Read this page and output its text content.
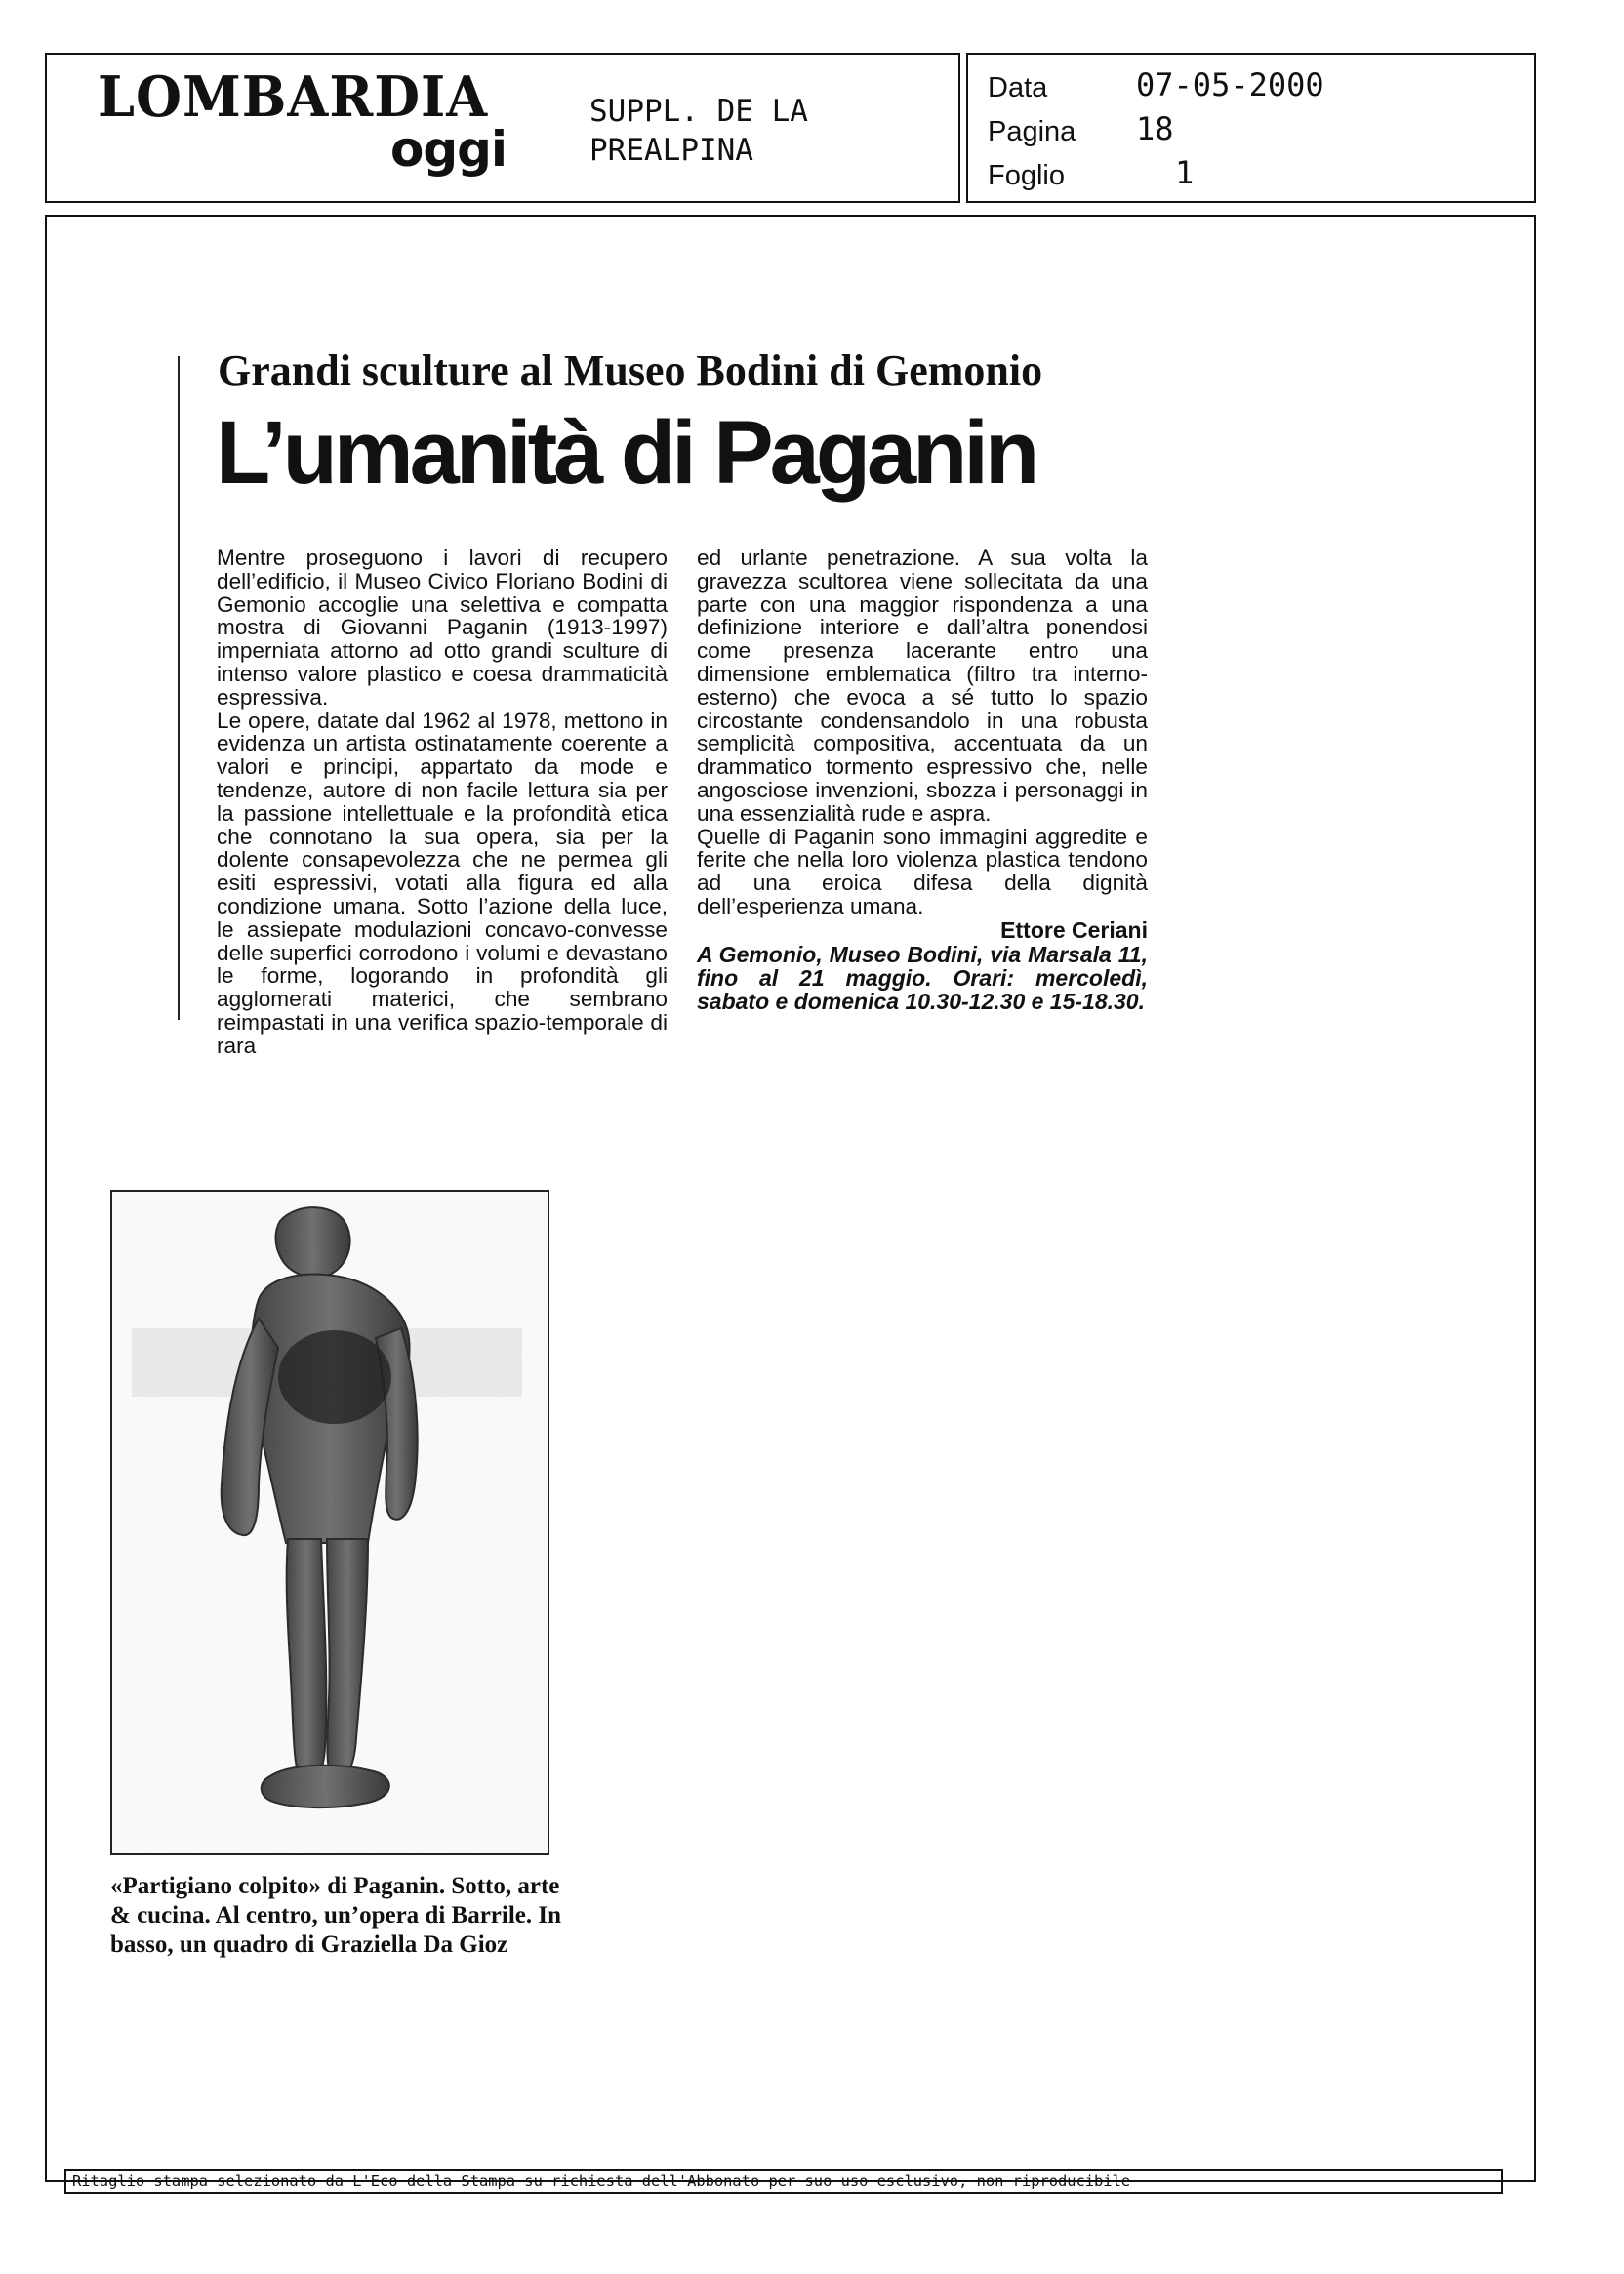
LOMBARDIA
oggi
SUPPL. DE LA
PREALPINA
Data	07-05-2000
Pagina 18
Foglio	1
Grandi sculture al Museo Bodini di Gemonio
L’umanità di Paganin

Mentre proseguono i lavori di recupero dell’edificio, il Museo Civico Floriano Bodini di Gemonio accoglie una selettiva e compatta mostra di Giovanni Paganin (1913-1997) imperniata attorno ad otto grandi sculture di intenso valore plastico e coesa drammaticità espressiva.

Le opere, datate dal 1962 al 1978, mettono in evidenza un artista ostinatamente coerente a valori e principi, appartato da mode e tendenze, autore di non facile lettura sia per la passione intellettuale e la profondità etica che connotano la sua opera, sia per la dolente consapevolezza che ne permea gli esiti espressivi, votati alla figura ed alla condizione umana. Sotto l’azione della luce, le assiepate modulazioni concavo-convesse delle superfici corrodono i volumi e devastano le forme, logorando in profondità gli agglomerati materici, che sembrano reimpastati in una verifica spazio-temporale di rara

ed urlante penetrazione. A sua volta la gravezza scultorea viene sollecitata da una parte con una maggior rispondenza a una definizione interiore e dall’altra ponendosi come presenza lacerante entro una dimensione emblematica (filtro tra interno-esterno) che evoca a sé tutto lo spazio circostante condensandolo in una robusta semplicità compositiva, accentuata da un drammatico tormento espressivo che, nelle angosciose invenzioni, sbozza i personaggi in una essenzialità rude e aspra.

Quelle di Paganin sono immagini aggredite e ferite che nella loro violenza plastica tendono ad una eroica difesa della dignità dell’esperienza umana.

Ettore Ceriani

A Gemonio, Museo Bodini, via Marsala 11, fino al 21 maggio. Orari: mercoledì, sabato e domenica 10.30-12.30 e 15-18.30.

«Partigiano colpito» di Paganin. Sotto, arte & cucina. Al centro, un’opera di Barrile. In basso, un quadro di Graziella Da Gioz
Ritaglio stampa selezionato da L'Eco della Stampa su richiesta dell'Abbonato per suo uso esclusivo, non riproducibile
